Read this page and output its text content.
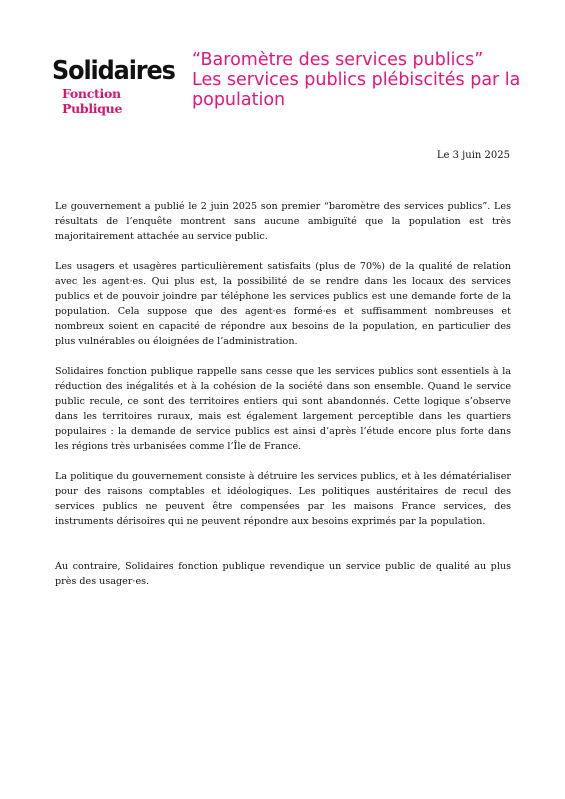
Solidaires
Fonction Publique
“Baromètre des services publics”
Les services publics plébiscités par la
population
Le 3 juin 2025

Le gouvernement a publié le 2 juin 2025 son premier “baromètre des services publics”. Les résultats de l’enquête montrent sans aucune ambiguïté que la population est très majoritairement attachée au service public.

Les usagers et usagères particulièrement satisfaits (plus de 70%) de la qualité de relation avec les agent·es. Qui plus est, la possibilité de se rendre dans les locaux des services publics et de pouvoir joindre par téléphone les services publics est une demande forte de la population. Cela suppose que des agent·es formé·es et suffisamment nombreuses et nombreux soient en capacité de répondre aux besoins de la population, en particulier des plus vulnérables ou éloignées de l’administration.

Solidaires fonction publique rappelle sans cesse que les services publics sont essentiels à la réduction des inégalités et à la cohésion de la société dans son ensemble. Quand le service public recule, ce sont des territoires entiers qui sont abandonnés. Cette logique s’observe dans les territoires ruraux, mais est également largement perceptible dans les quartiers populaires : la demande de service publics est ainsi d’après l’étude encore plus forte dans les régions très urbanisées comme l’Île de France.

La politique du gouvernement consiste à détruire les services publics, et à les dématérialiser pour des raisons comptables et idéologiques. Les politiques austéritaires de recul des services publics ne peuvent être compensées par les maisons France services, des instruments dérisoires qui ne peuvent répondre aux besoins exprimés par la population.

Au contraire, Solidaires fonction publique revendique un service public de qualité au plus près des usager·es.
